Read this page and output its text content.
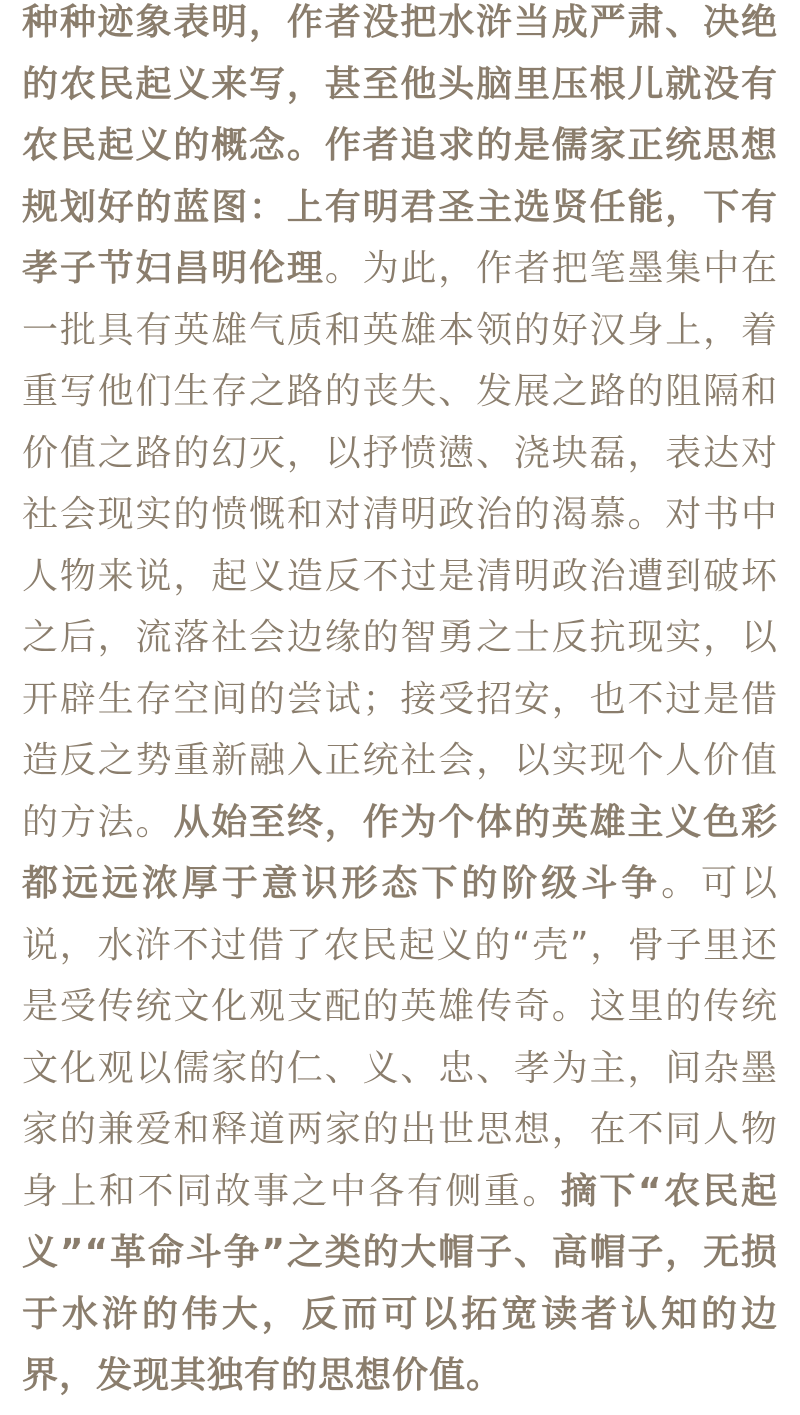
种种迹象表明，作者没把水浒当成严肃、决绝的农民起义来写，甚至他头脑里压根儿就没有农民起义的概念。作者追求的是儒家正统思想规划好的蓝图：上有明君圣主选贤任能，下有孝子节妇昌明伦理。为此，作者把笔墨集中在一批具有英雄气质和英雄本领的好汉身上，着重写他们生存之路的丧失、发展之路的阻隔和价值之路的幻灭，以抒愤懑、浇块磊，表达对社会现实的愤慨和对清明政治的渴慕。对书中人物来说，起义造反不过是清明政治遭到破坏之后，流落社会边缘的智勇之士反抗现实，以开辟生存空间的尝试；接受招安，也不过是借造反之势重新融入正统社会，以实现个人价值的方法。从始至终，作为个体的英雄主义色彩都远远浓厚于意识形态下的阶级斗争。可以说，水浒不过借了农民起义的“壳”，骨子里还是受传统文化观支配的英雄传奇。这里的传统文化观以儒家的仁、义、忠、孝为主，间杂墨家的兼爱和释道两家的出世思想，在不同人物身上和不同故事之中各有侧重。摘下“农民起义”“革命斗争”之类的大帽子、高帽子，无损于水浒的伟大，反而可以拓宽读者认知的边界，发现其独有的思想价值。
